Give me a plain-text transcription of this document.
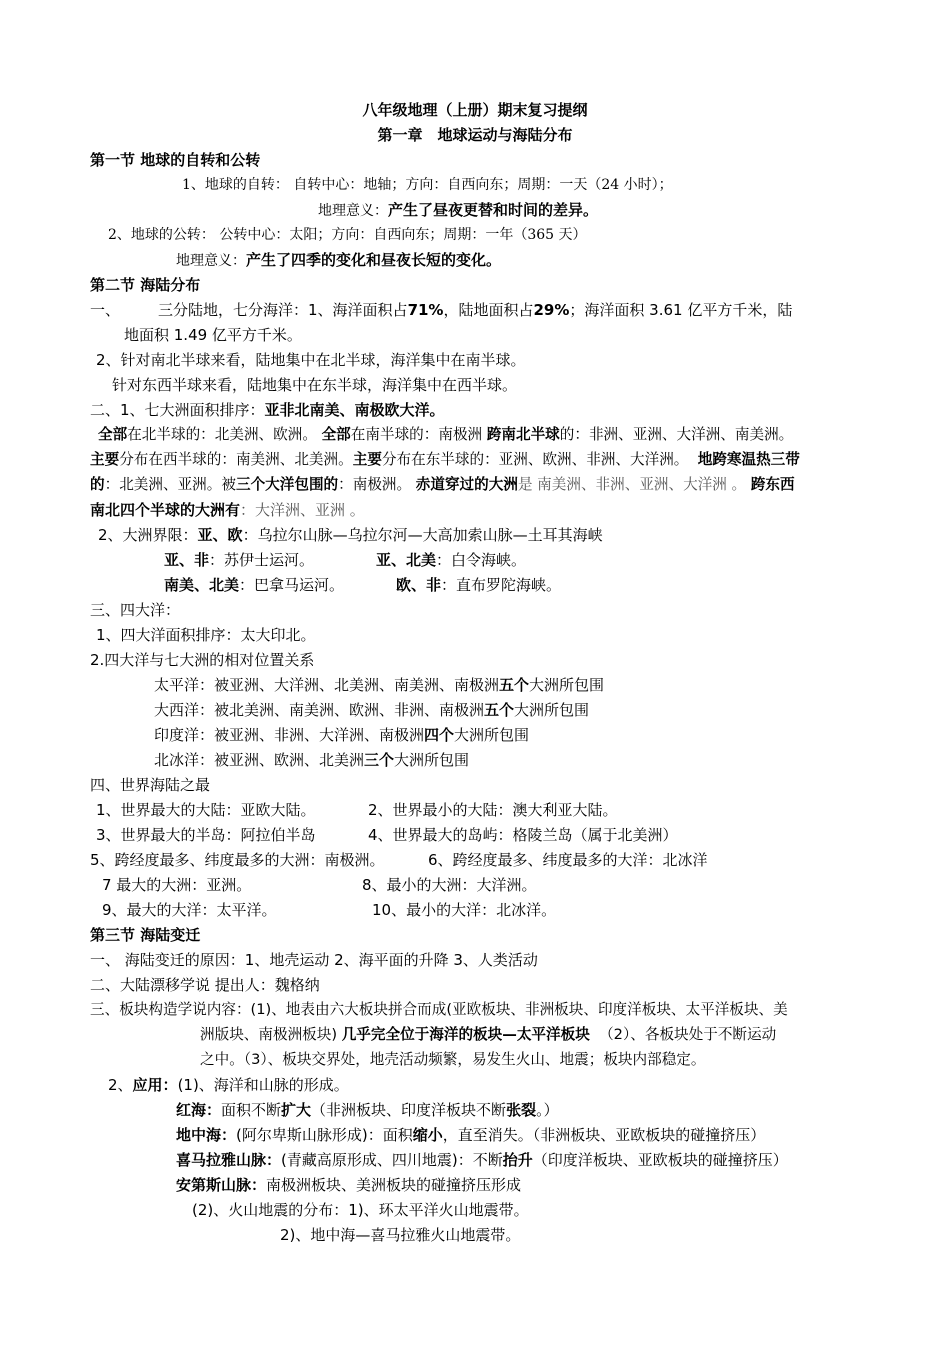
八年级地理（上册）期末复习提纲
第一章　地球运动与海陆分布
第一节 地球的自转和公转
1、地球的自转： 自转中心：地轴；方向：自西向东；周期：一天（24 小时）；
地理意义：产生了昼夜更替和时间的差异。
2、地球的公转： 公转中心：太阳；方向：自西向东；周期：一年（365 天）
地理意义：产生了四季的变化和昼夜长短的变化。
第二节 海陆分布
一、	三分陆地，七分海洋：1、海洋面积占71%，陆地面积占29%；海洋面积 3.61 亿平方千米，陆
地面积 1.49 亿平方千米。
2、针对南北半球来看，陆地集中在北半球，海洋集中在南半球。
针对东西半球来看，陆地集中在东半球，海洋集中在西半球。
二、1、七大洲面积排序：亚非北南美、南极欧大洋。
全部在北半球的：北美洲、欧洲。 全部在南半球的：南极洲 跨南北半球的：非洲、亚洲、大洋洲、南美洲。
主要分布在西半球的：南美洲、北美洲。主要分布在东半球的：亚洲、欧洲、非洲、大洋洲。 地跨寒温热三带
的：北美洲、亚洲。被三个大洋包围的：南极洲。 赤道穿过的大洲是 南美洲、非洲、亚洲、大洋洲 。 跨东西
南北四个半球的大洲有：大洋洲、亚洲 。
2、大洲界限：亚、欧：乌拉尔山脉—乌拉尔河—大高加索山脉—土耳其海峡
亚、非：苏伊士运河。	亚、北美：白令海峡。
南美、北美：巴拿马运河。	欧、非：直布罗陀海峡。
三、四大洋：
1、四大洋面积排序：太大印北。
2.四大洋与七大洲的相对位置关系
太平洋：被亚洲、大洋洲、北美洲、南美洲、南极洲五个大洲所包围
大西洋：被北美洲、南美洲、欧洲、非洲、南极洲五个大洲所包围
印度洋：被亚洲、非洲、大洋洲、南极洲四个大洲所包围
北冰洋：被亚洲、欧洲、北美洲三个大洲所包围
四、世界海陆之最
1、世界最大的大陆：亚欧大陆。	2、世界最小的大陆：澳大利亚大陆。
3、世界最大的半岛：阿拉伯半岛	4、世界最大的岛屿：格陵兰岛（属于北美洲）
5、跨经度最多、纬度最多的大洲：南极洲。	6、跨经度最多、纬度最多的大洋：北冰洋
7 最大的大洲：亚洲。	8、最小的大洲：大洋洲。
9、最大的大洋：太平洋。	10、最小的大洋：北冰洋。
第三节 海陆变迁
一、 海陆变迁的原因：1、地壳运动 2、海平面的升降 3、人类活动
二、大陆漂移学说 提出人：魏格纳
三、板块构造学说内容：(1)、地表由六大板块拼合而成(亚欧板块、非洲板块、印度洋板块、太平洋板块、美
洲版块、南极洲板块) 几乎完全位于海洋的板块—太平洋板块 （2）、各板块处于不断运动
之中。（3）、板块交界处，地壳活动频繁，易发生火山、地震；板块内部稳定。
2、应用：(1)、海洋和山脉的形成。
红海：面积不断扩大（非洲板块、印度洋板块不断张裂。）
地中海：(阿尔卑斯山脉形成)：面积缩小，直至消失。（非洲板块、亚欧板块的碰撞挤压）
喜马拉雅山脉：(青藏高原形成、四川地震)：不断抬升（印度洋板块、亚欧板块的碰撞挤压）
安第斯山脉：南极洲板块、美洲板块的碰撞挤压形成
(2)、火山地震的分布：1)、环太平洋火山地震带。
2)、地中海—喜马拉雅火山地震带。
